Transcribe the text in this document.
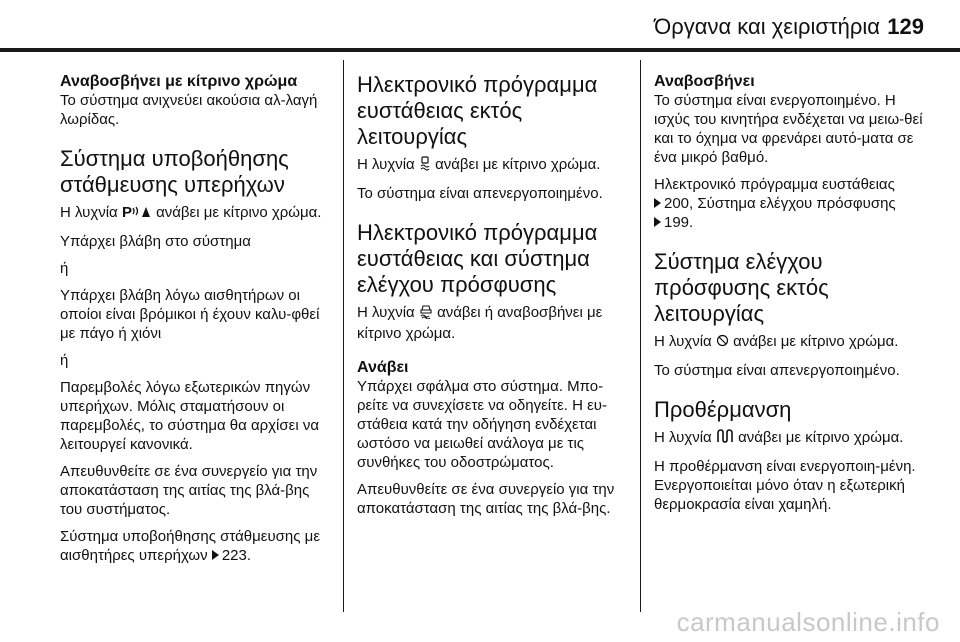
Όργανα και χειριστήρια 129
Αναβοσβήνει με κίτρινο χρώμα

Το σύστημα ανιχνεύει ακούσια αλ-λαγή λωρίδας.

Σύστημα υποβοήθησης στάθμευσης υπερήχων

Η λυχνία P ανάβει με κίτρινο χρώμα.

Υπάρχει βλάβη στο σύστημα

ή

Υπάρχει βλάβη λόγω αισθητήρων οι οποίοι είναι βρόμικοι ή έχουν καλυ-φθεί με πάγο ή χιόνι

ή

Παρεμβολές λόγω εξωτερικών πηγών υπερήχων. Μόλις σταματήσουν οι παρεμβολές, το σύστημα θα αρχίσει να λειτουργεί κανονικά.

Απευθυνθείτε σε ένα συνεργείο για την αποκατάσταση της αιτίας της βλά-βης του συστήματος.

Σύστημα υποβοήθησης στάθμευσης με αισθητήρες υπερήχων 223.

Ηλεκτρονικό πρόγραμμα ευστάθειας εκτός λειτουργίας

Η λυχνία ανάβει με κίτρινο χρώμα.

Το σύστημα είναι απενεργοποιημένο.

Ηλεκτρονικό πρόγραμμα ευστάθειας και σύστημα ελέγχου πρόσφυσης

Η λυχνία ανάβει ή αναβοσβήνει με κίτρινο χρώμα.

Ανάβει

Υπάρχει σφάλμα στο σύστημα. Μπο-ρείτε να συνεχίσετε να οδηγείτε. Η ευ-στάθεια κατά την οδήγηση ενδέχεται ωστόσο να μειωθεί ανάλογα με τις συνθήκες του οδοστρώματος.

Απευθυνθείτε σε ένα συνεργείο για την αποκατάσταση της αιτίας της βλά-βης.

Αναβοσβήνει

Το σύστημα είναι ενεργοποιημένο. Η ισχύς του κινητήρα ενδέχεται να μειω-θεί και το όχημα να φρενάρει αυτό-ματα σε ένα μικρό βαθμό.

Ηλεκτρονικό πρόγραμμα ευστάθειας
200, Σύστημα ελέγχου πρόσφυσης
199.

Σύστημα ελέγχου πρόσφυσης εκτός λειτουργίας

Η λυχνία ανάβει με κίτρινο χρώμα.

Το σύστημα είναι απενεργοποιημένο.

Προθέρμανση

Η λυχνία ανάβει με κίτρινο χρώμα.

Η προθέρμανση είναι ενεργοποιη-μένη. Ενεργοποιείται μόνο όταν η εξωτερική θερμοκρασία είναι χαμηλή.

carmanualsonline.info
